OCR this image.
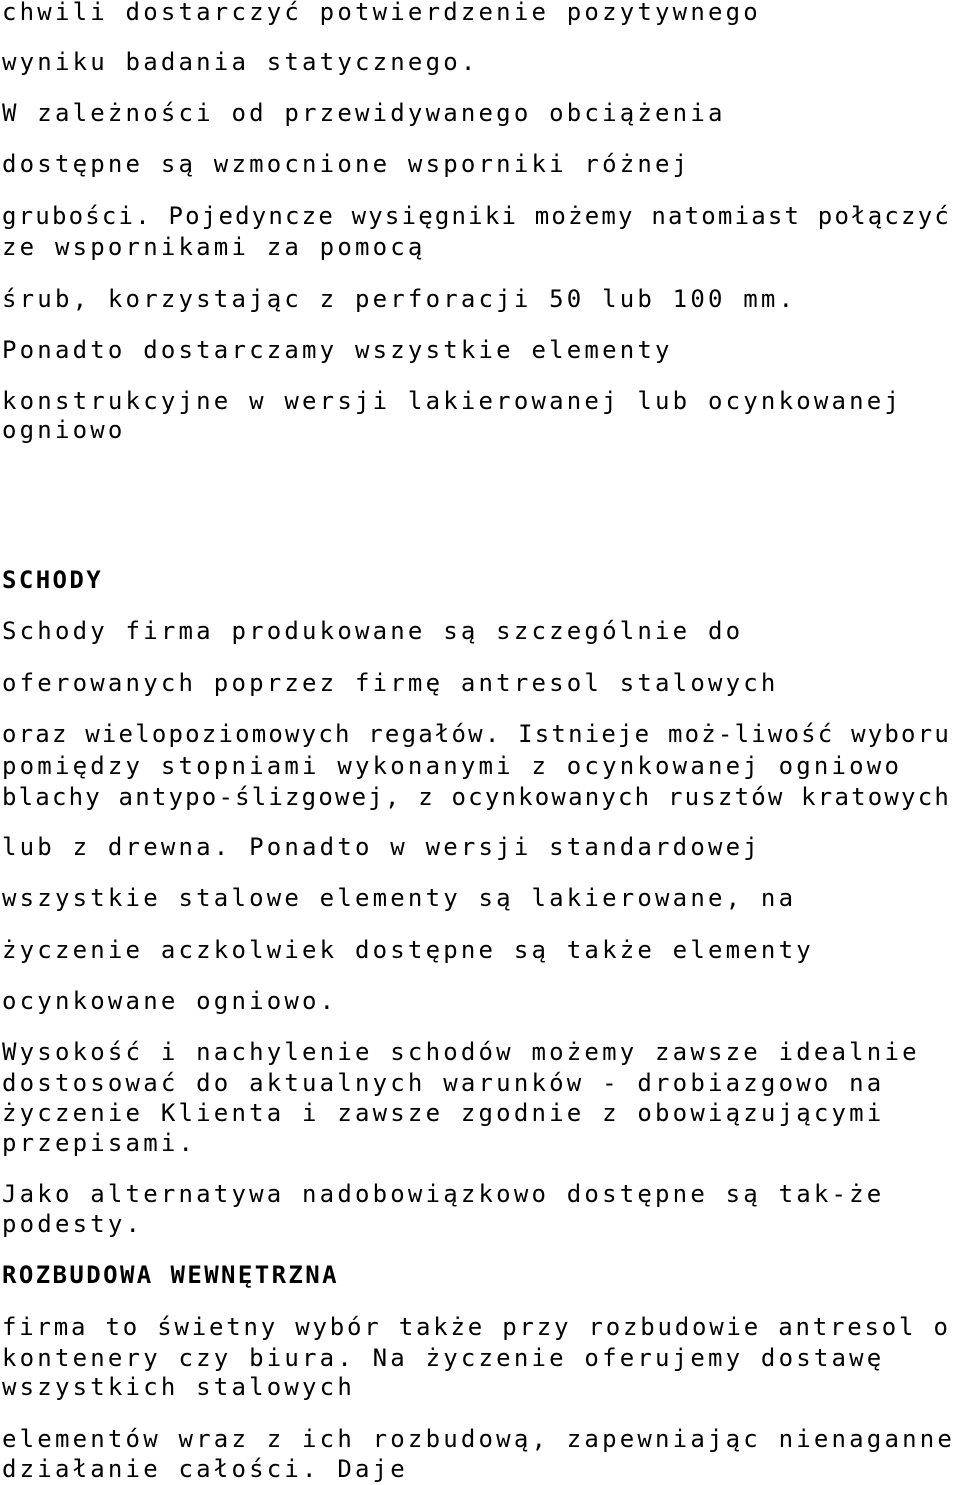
chwili dostarczyć potwierdzenie pozytywnego

wyniku badania statycznego.

W zależności od przewidywanego obciążenia

dostępne są wzmocnione wsporniki różnej

grubości. Pojedyncze wysięgniki możemy natomiast połączyć

ze wspornikami za pomocą

śrub, korzystając z perforacji 50 lub 100 mm.

Ponadto dostarczamy wszystkie elementy

konstrukcyjne w wersji lakierowanej lub ocynkowanej

ogniowo

SCHODY

Schody firma produkowane są szczególnie do

oferowanych poprzez firmę antresol stalowych

oraz wielopoziomowych regałów. Istnieje moż-liwość wyboru

pomiędzy stopniami wykonanymi z ocynkowanej ogniowo

blachy antypo-ślizgowej, z ocynkowanych rusztów kratowych

lub z drewna. Ponadto w wersji standardowej

wszystkie stalowe elementy są lakierowane, na

życzenie aczkolwiek dostępne są także elementy

ocynkowane ogniowo.

Wysokość i nachylenie schodów możemy zawsze idealnie

dostosować do aktualnych warunków - drobiazgowo na

życzenie Klienta i zawsze zgodnie z obowiązującymi

przepisami.

Jako alternatywa nadobowiązkowo dostępne są tak-że

podesty.

ROZBUDOWA WEWNĘTRZNA

firma to świetny wybór także przy rozbudowie antresol o

kontenery czy biura. Na życzenie oferujemy dostawę

wszystkich stalowych

elementów wraz z ich rozbudową, zapewniając nienaganne

działanie całości. Daje
